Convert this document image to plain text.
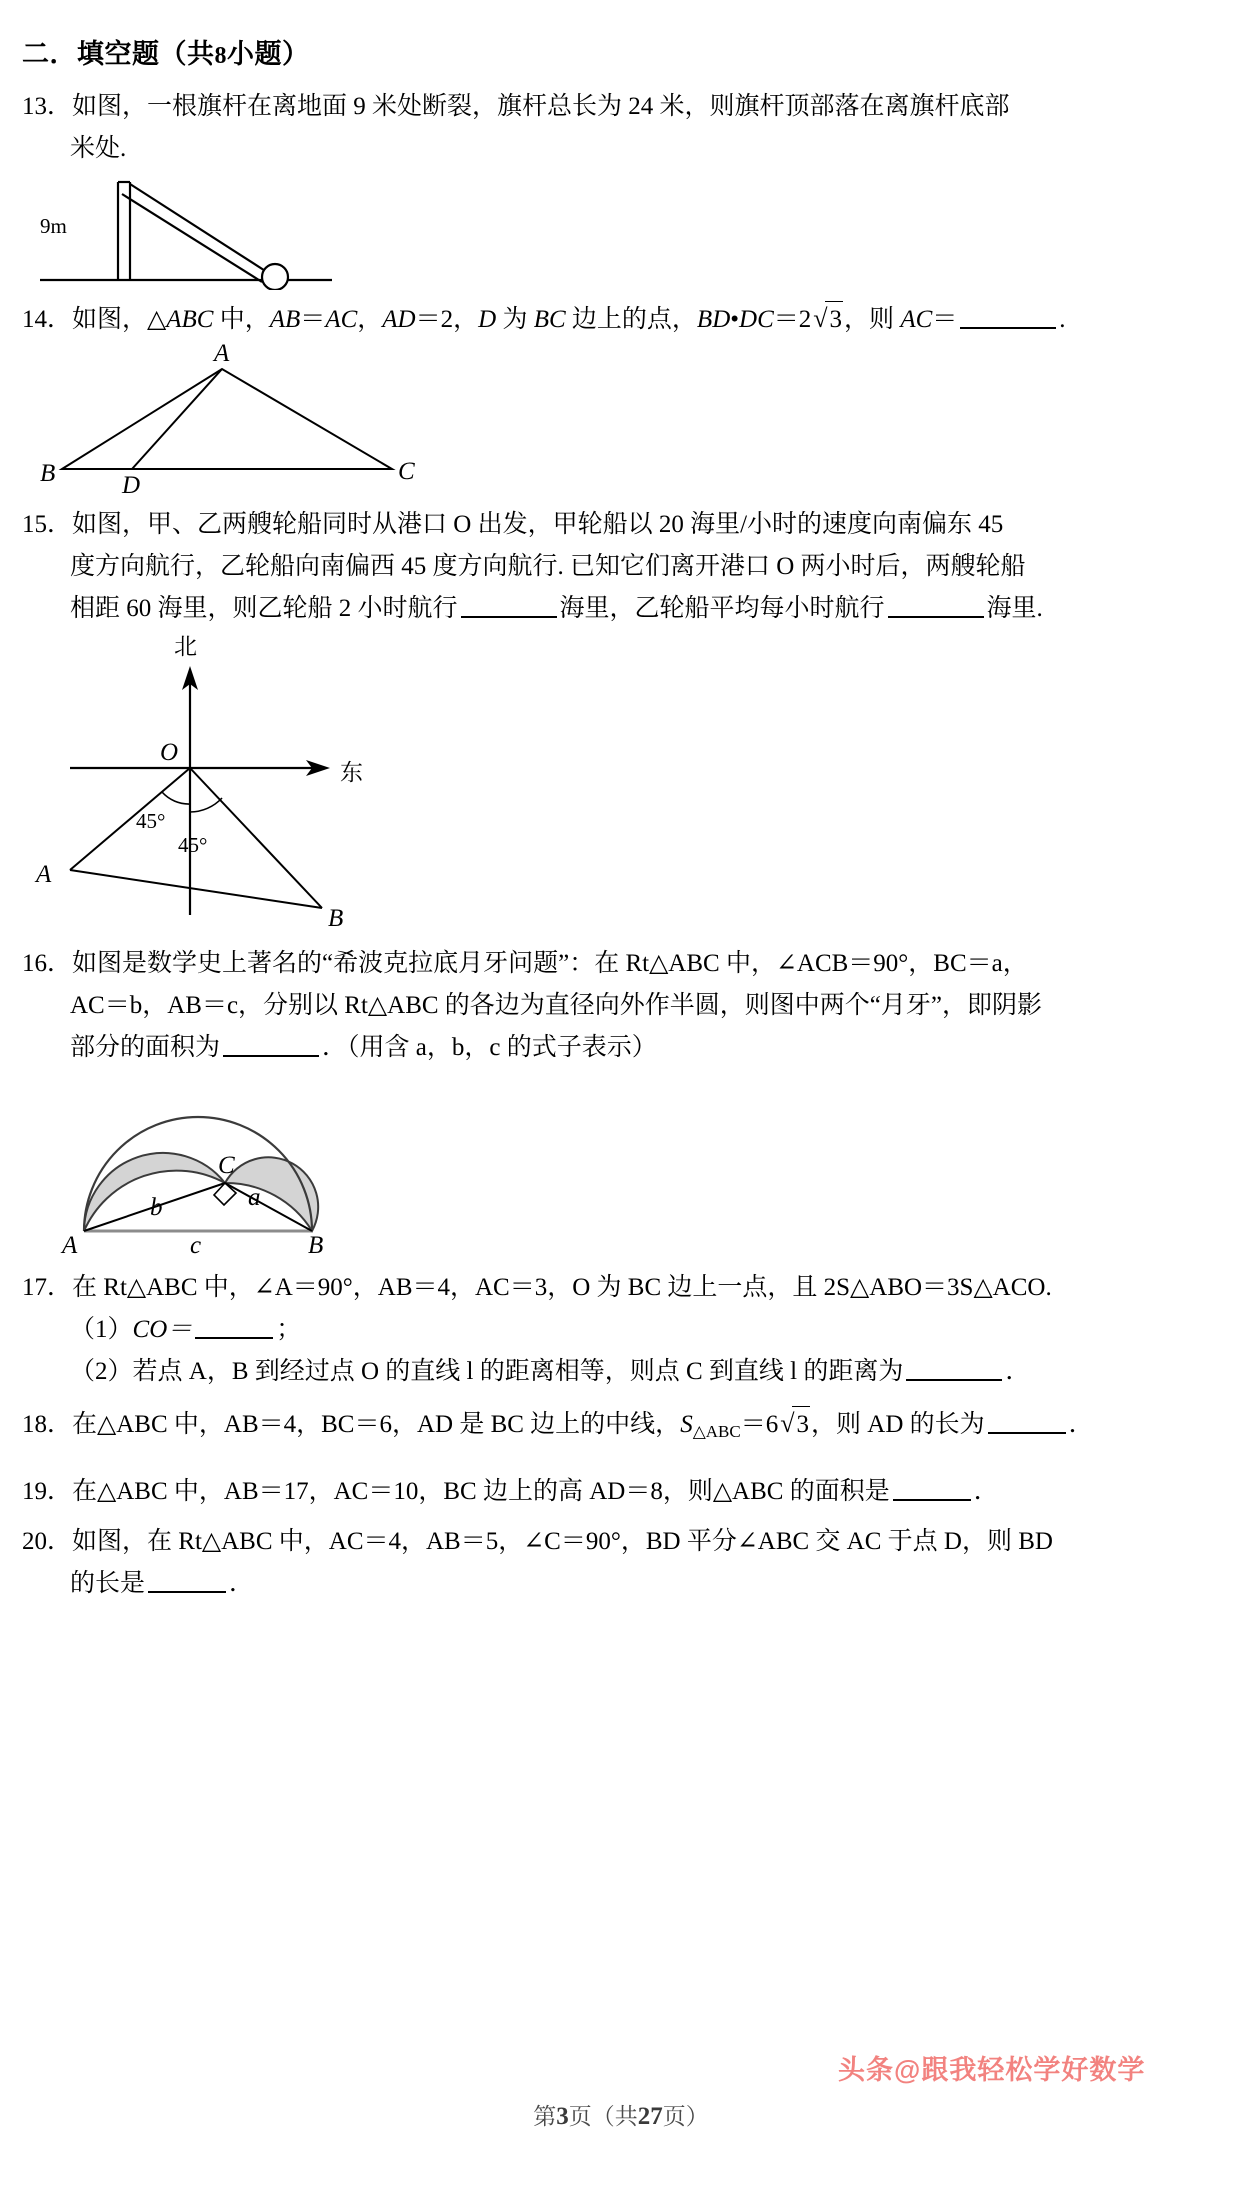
二．填空题（共8小题）
13．如图，一根旗杆在离地面 9 米处断裂，旗杆总长为 24 米，则旗杆顶部落在离旗杆底部
米处.
9m
14．如图，△ABC 中，AB＝AC，AD＝2，D 为 BC 边上的点，BD•DC＝2√
3，则 AC＝	.
A
B	D
C
15．如图，甲、乙两艘轮船同时从港口 O 出发，甲轮船以 20 海里/小时的速度向南偏东 45
度方向航行，乙轮船向南偏西 45 度方向航行. 已知它们离开港口 O 两小时后，两艘轮船
相距 60 海里，则乙轮船 2 小时航行	海里，乙轮船平均每小时航行	海里.
北
东
O
A
B
45°
45°
16．如图是数学史上著名的“希波克拉底月牙问题”：在 Rt△ABC 中，∠ACB＝90°，BC＝a，
AC＝b，AB＝c，分别以 Rt△ABC 的各边为直径向外作半圆，则图中两个“月牙”，即阴影
部分的面积为	．（用含 a，b，c 的式子表示）
C
A	B
b	a
c
17．在 Rt△ABC 中，∠A＝90°，AB＝4，AC＝3，O 为 BC 边上一点，且 2S△ABO＝3S△ACO.
（1）CO＝	；
（2）若点 A，B 到经过点 O 的直线 l 的距离相等，则点 C 到直线 l 的距离为	．
18．在△ABC 中，AB＝4，BC＝6，AD 是 BC 边上的中线，$S_{\triangle ABC}=6√$
3，则 AD 的长为	．
19．在△ABC 中，AB＝17，AC＝10，BC 边上的高 AD＝8，则△ABC 的面积是	．
20．如图，在 Rt△ABC 中，AC＝4，AB＝5，∠C＝90°，BD 平分∠ABC 交 AC 于点 D，则 BD
的长是	．
头条@跟我轻松学好数学
第3页（共27页）
